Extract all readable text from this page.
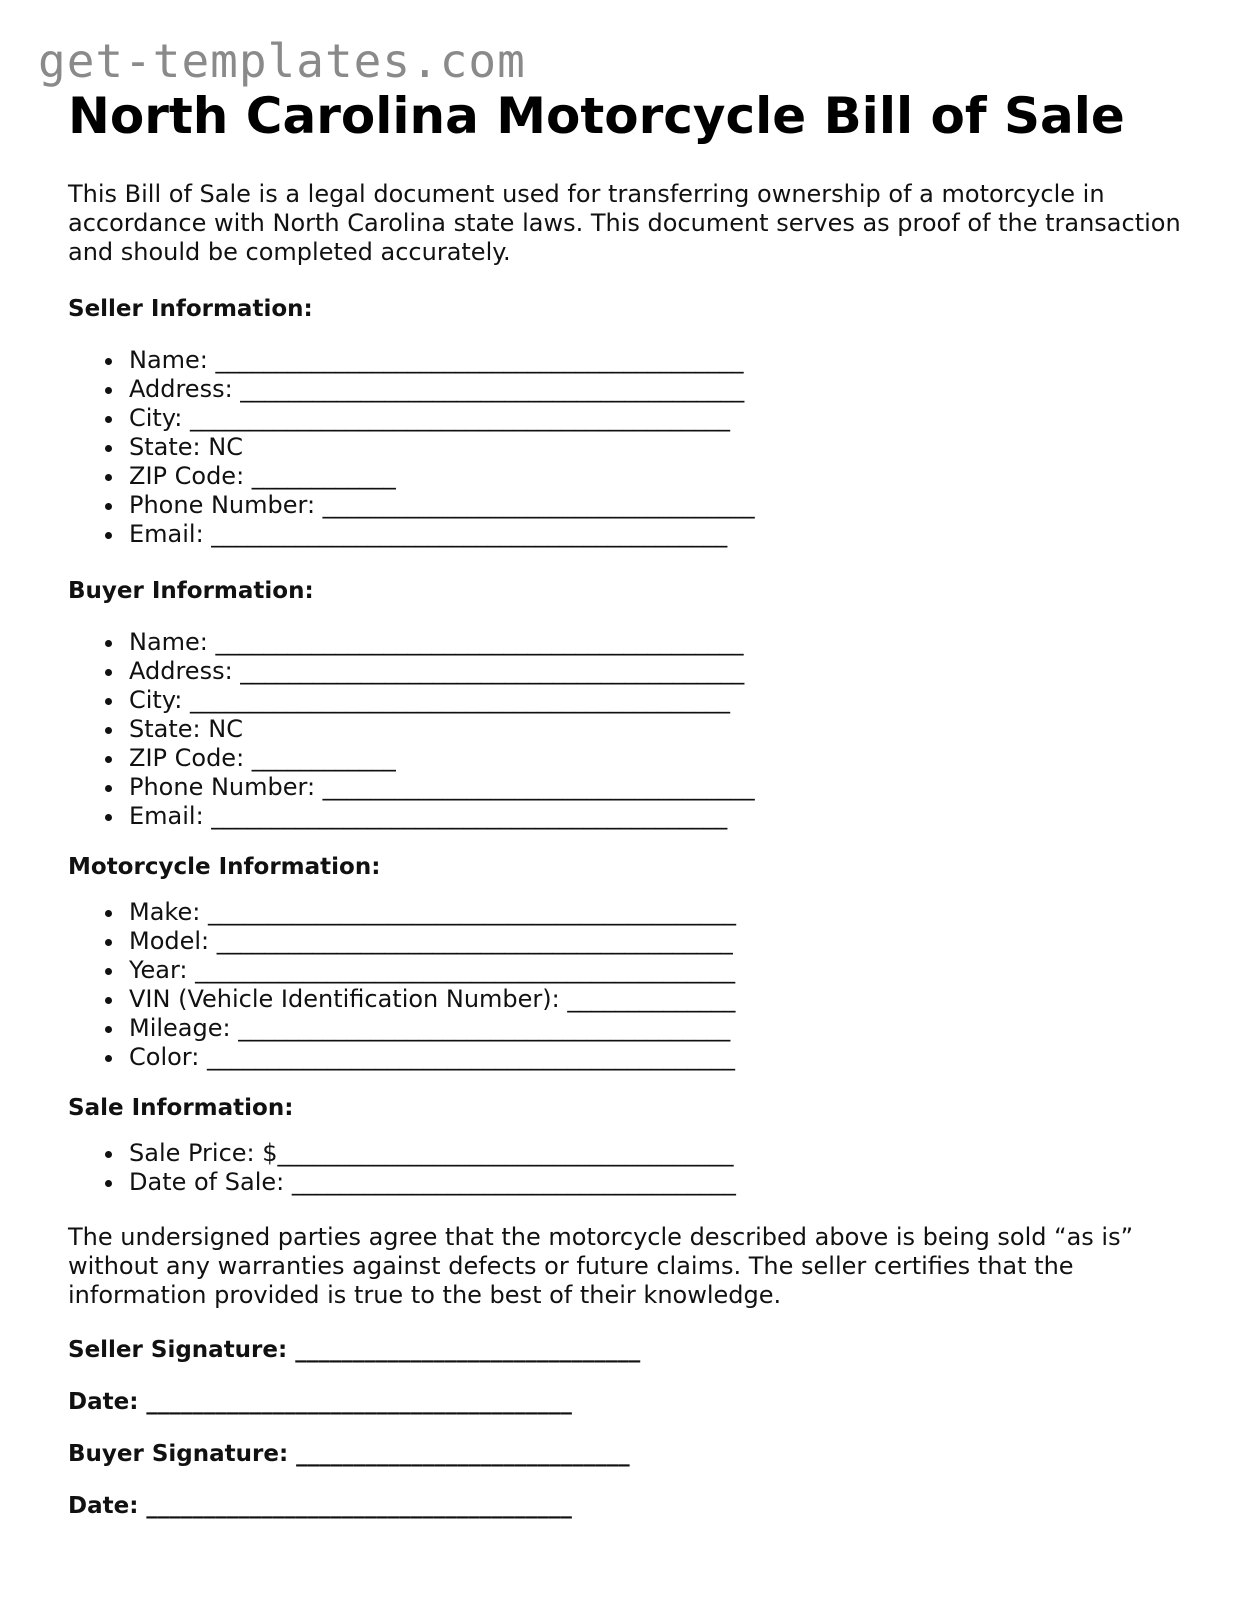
get-templates.com
North Carolina Motorcycle Bill of Sale

This Bill of Sale is a legal document used for transferring ownership of a motorcycle in accordance with North Carolina state laws. This document serves as proof of the transaction and should be completed accurately.

Seller Information:
Name: ____________________________________________
Address: __________________________________________
City: _____________________________________________
State: NC
ZIP Code: ____________
Phone Number: ____________________________________
Email: ___________________________________________
Buyer Information:
Name: ____________________________________________
Address: __________________________________________
City: _____________________________________________
State: NC
ZIP Code: ____________
Phone Number: ____________________________________
Email: ___________________________________________
Motorcycle Information:
Make: ____________________________________________
Model: ___________________________________________
Year: _____________________________________________
VIN (Vehicle Identification Number): ______________
Mileage: _________________________________________
Color: ____________________________________________
Sale Information:
Sale Price: $______________________________________
Date of Sale: _____________________________________

The undersigned parties agree that the motorcycle described above is being sold “as is” without any warranties against defects or future claims. The seller certifies that the information provided is true to the best of their knowledge.

Seller Signature: ______________________________
Date: _____________________________________
Buyer Signature: _____________________________
Date: _____________________________________
